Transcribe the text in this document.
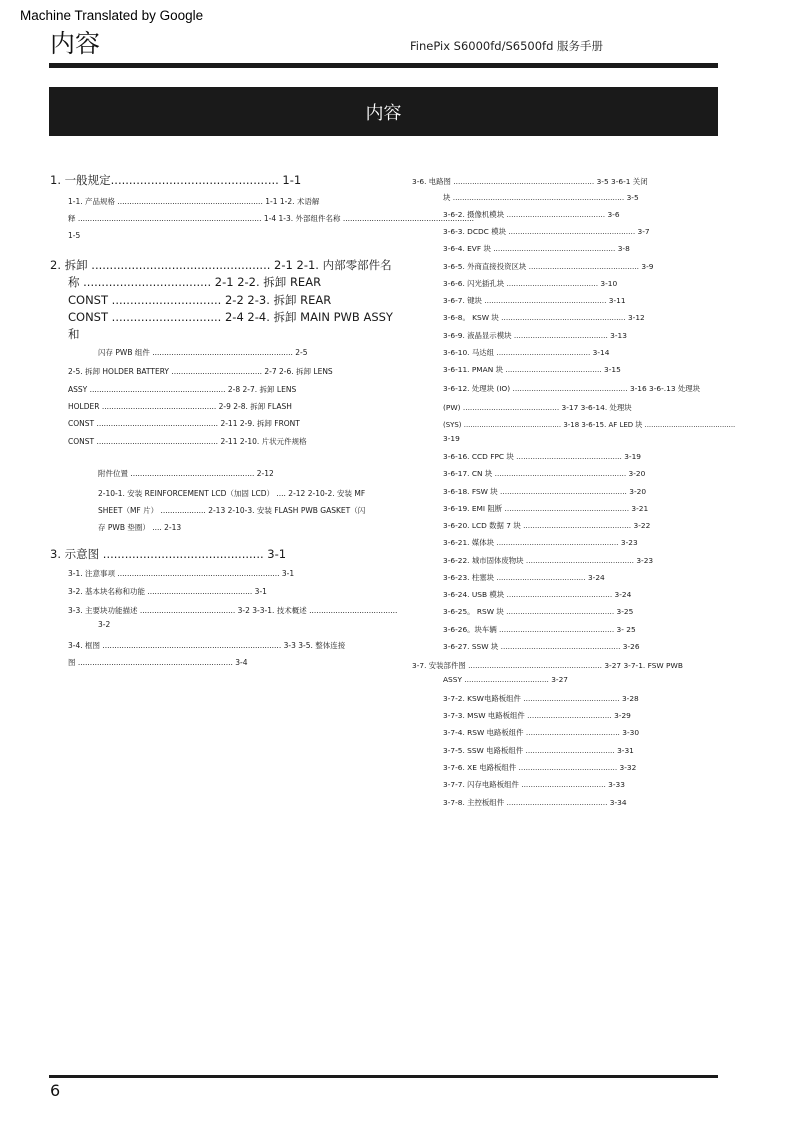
Machine Translated by Google
内容	FinePix S6000fd/S6500fd 服务手册
内容
1. 一般规定.............................................. 1-1
1-1. 产品规格 ............................................................. 1-1 1-2. 术语解
释 ............................................................................. 1-4 1-3. 外部组件名称 .......................................................
1-5
2. 拆卸 ................................................. 2-1 2-1. 内部零部件名
称 ................................... 2-1 2-2. 拆卸 REAR
CONST .............................. 2-2 2-3. 拆卸 REAR
CONST .............................. 2-4 2-4. 拆卸 MAIN PWB ASSY
和
闪存 PWB 组件 ........................................................... 2-5
2-5. 拆卸 HOLDER BATTERY ...................................... 2-7 2-6. 拆卸 LENS
ASSY ......................................................... 2-8 2-7. 拆卸 LENS
HOLDER ................................................ 2-9 2-8. 拆卸 FLASH
CONST ................................................... 2-11 2-9. 拆卸 FRONT
CONST ................................................... 2-11 2-10. 片状元件规格
附件位置 .................................................... 2-12
2-10-1. 安装 REINFORCEMENT LCD（加固 LCD） .... 2-12 2-10-2. 安装 MF
SHEET（MF 片） ................... 2-13 2-10-3. 安装 FLASH PWB GASKET（闪
存 PWB 垫圈） .... 2-13
3. 示意图 ............................................ 3-1
3-1. 注意事项 .................................................................... 3-1
3-2. 基本块名称和功能 ............................................ 3-1
3-3. 主要块功能描述 ........................................ 3-2 3-3-1. 技术概述 .....................................
3-2
3-4. 框图 ........................................................................... 3-3 3-5. 整体连接
图 ................................................................. 3-4
3-6. 电路图 ............................................................ 3-5 3-6-1 关闭
块 ......................................................................... 3-5
3-6-2. 摄像机模块 .......................................... 3-6
3-6-3. DCDC 模块 ...................................................... 3-7
3-6-4. EVF 块 .................................................... 3-8
3-6-5. 外商直接投资区块 ............................................... 3-9
3-6-6. 闪光插孔块 ....................................... 3-10
3-6-7. 键块 .................................................... 3-11
3-6-8。 KSW 块 ..................................................... 3-12
3-6-9. 液晶显示模块 ........................................ 3-13
3-6-10. 马达组 ........................................ 3-14
3-6-11. PMAN 块 ......................................... 3-15
3-6-12. 处理块 (IO) ................................................. 3-16 3-6-.13 处理块
(PW) ......................................... 3-17 3-6-14. 处理块
(SYS) ............................................ 3-18 3-6-15. AF LED 块 .........................................
3-19
3-6-16. CCD FPC 块 ............................................. 3-19
3-6-17. CN 块 ........................................................ 3-20
3-6-18. FSW 块 ...................................................... 3-20
3-6-19. EMI 阻断 ..................................................... 3-21
3-6-20. LCD 数据 7 块 .............................................. 3-22
3-6-21. 媒体块 .................................................... 3-23
3-6-22. 城市固体废物块 .............................................. 3-23
3-6-23. 柱塞块 ...................................... 3-24
3-6-24. USB 模块 ............................................. 3-24
3-6-25。 RSW 块 .............................................. 3-25
3-6-26。块车辆 ................................................. 3- 25
3-6-27. SSW 块 ................................................... 3-26
3-7. 安装部件图 ......................................................... 3-27 3-7-1. FSW PWB
ASSY .................................... 3-27
3-7-2. KSW电路板组件 ......................................... 3-28
3-7-3. MSW 电路板组件 .................................... 3-29
3-7-4. RSW 电路板组件 ........................................ 3-30
3-7-5. SSW 电路板组件 ...................................... 3-31
3-7-6. XE 电路板组件 .......................................... 3-32
3-7-7. 闪存电路板组件 .................................... 3-33
3-7-8. 主控板组件 ........................................... 3-34
6
